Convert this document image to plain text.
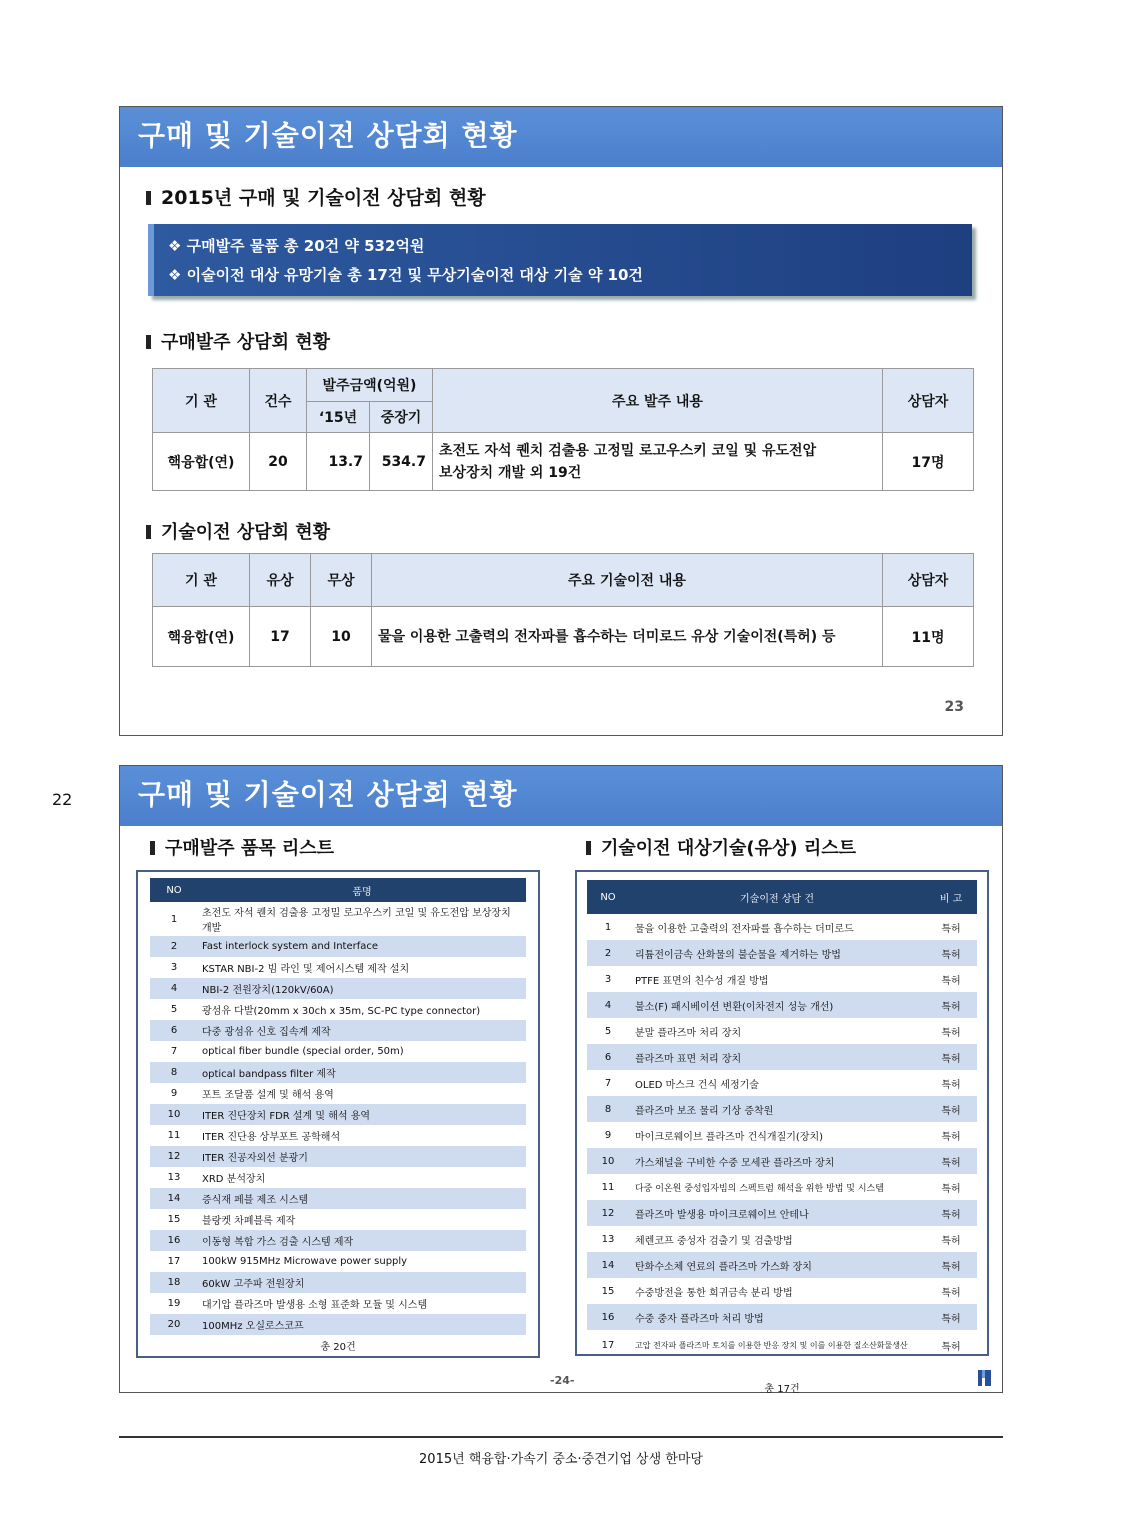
구매 및 기술이전 상담회 현황
2015년 구매 및 기술이전 상담회 현황
❖ 구매발주 물품 총 20건 약 532억원
❖ 이술이전 대상 유망기술 총 17건 및 무상기술이전 대상 기술 약 10건
구매발주 상담회 현황
기 관	건수	발주금액(억원)		주요 발주 내용	상담자
		‘15년	중장기		
핵융합(연)	20	13.7	534.7	초전도 자석 퀜치 검출용 고정밀 로고우스키 코일 및 유도전압
보상장치 개발 외 19건	17명
기술이전 상담회 현황
기 관	유상	무상	주요 기술이전 내용	상담자
핵융합(연)	17	10	물을 이용한 고출력의 전자파를 흡수하는 더미로드 유상 기술이전(특허) 등	11명
23
22	구매 및 기술이전 상담회 현황
구매발주 품목 리스트	기술이전 대상기술(유상) 리스트
NO	품명
1	초전도 자석 퀜치 검출용 고정밀 로고우스키 코일 및 유도전압 보상장치 개발
2	Fast interlock system and Interface
3	KSTAR NBI-2 빔 라인 및 제어시스템 제작 설치
4	NBI-2 전원장치(120kV/60A)
5	광섬유 다발(20mm x 30ch x 35m, SC-PC type connector)
6	다중 광섬유 신호 집속계 제작
7	optical fiber bundle (special order, 50m)
8	optical bandpass filter 제작
9	포트 조달품 설계 및 해석 용역
10	ITER 진단장치 FDR 설계 및 해석 용역
11	ITER 진단용 상부포트 공학해석
12	ITER 진공자외선 분광기
13	XRD 분석장치
14	증식재 페블 제조 시스템
15	블랑켓 차폐블록 제작
16	이동형 복합 가스 검출 시스템 제작
17	100kW 915MHz Microwave power supply
18	60kW 고주파 전원장치
19	대기압 플라즈마 발생용 소형 표준화 모듈 및 시스템
20	100MHz 오실로스코프
총 20건
NO	기술이전 상담 건	비 고
1	물을 이용한 고출력의 전자파를 흡수하는 더미로드	특허
2	리튬전이금속 산화물의 불순물을 제거하는 방법	특허
3	PTFE 표면의 친수성 개질 방법	특허
4	불소(F) 패시베이션 변환(이차전지 성능 개선)	특허
5	분말 플라즈마 처리 장치	특허
6	플라즈마 표면 처리 장치	특허
7	OLED 마스크 건식 세정기술	특허
8	플라즈마 보조 물리 기상 증착원	특허
9	마이크로웨이브 플라즈마 건식개질기(장치)	특허
10	가스채널을 구비한 수중 모세관 플라즈마 장치	특허
11	다중 이온원 중성입자빔의 스펙트럼 해석을 위한 방법 및 시스템	특허
12	플라즈마 발생용 마이크로웨이브 안테나	특허
13	체렌코프 중성자 검출기 및 검출방법	특허
14	탄화수소체 연료의 플라즈마 가스화 장치	특허
15	수중방전을 통한 희귀금속 분리 방법	특허
16	수중 중자 플라즈마 처리 방법	특허
17	고압 전자파 플라즈마 토치를 이용한 반응 장치 및 이를 이용한 질소산화물생산	특허
총 17건
-24-
2015년 핵융합·가속기 중소·중견기업 상생 한마당
